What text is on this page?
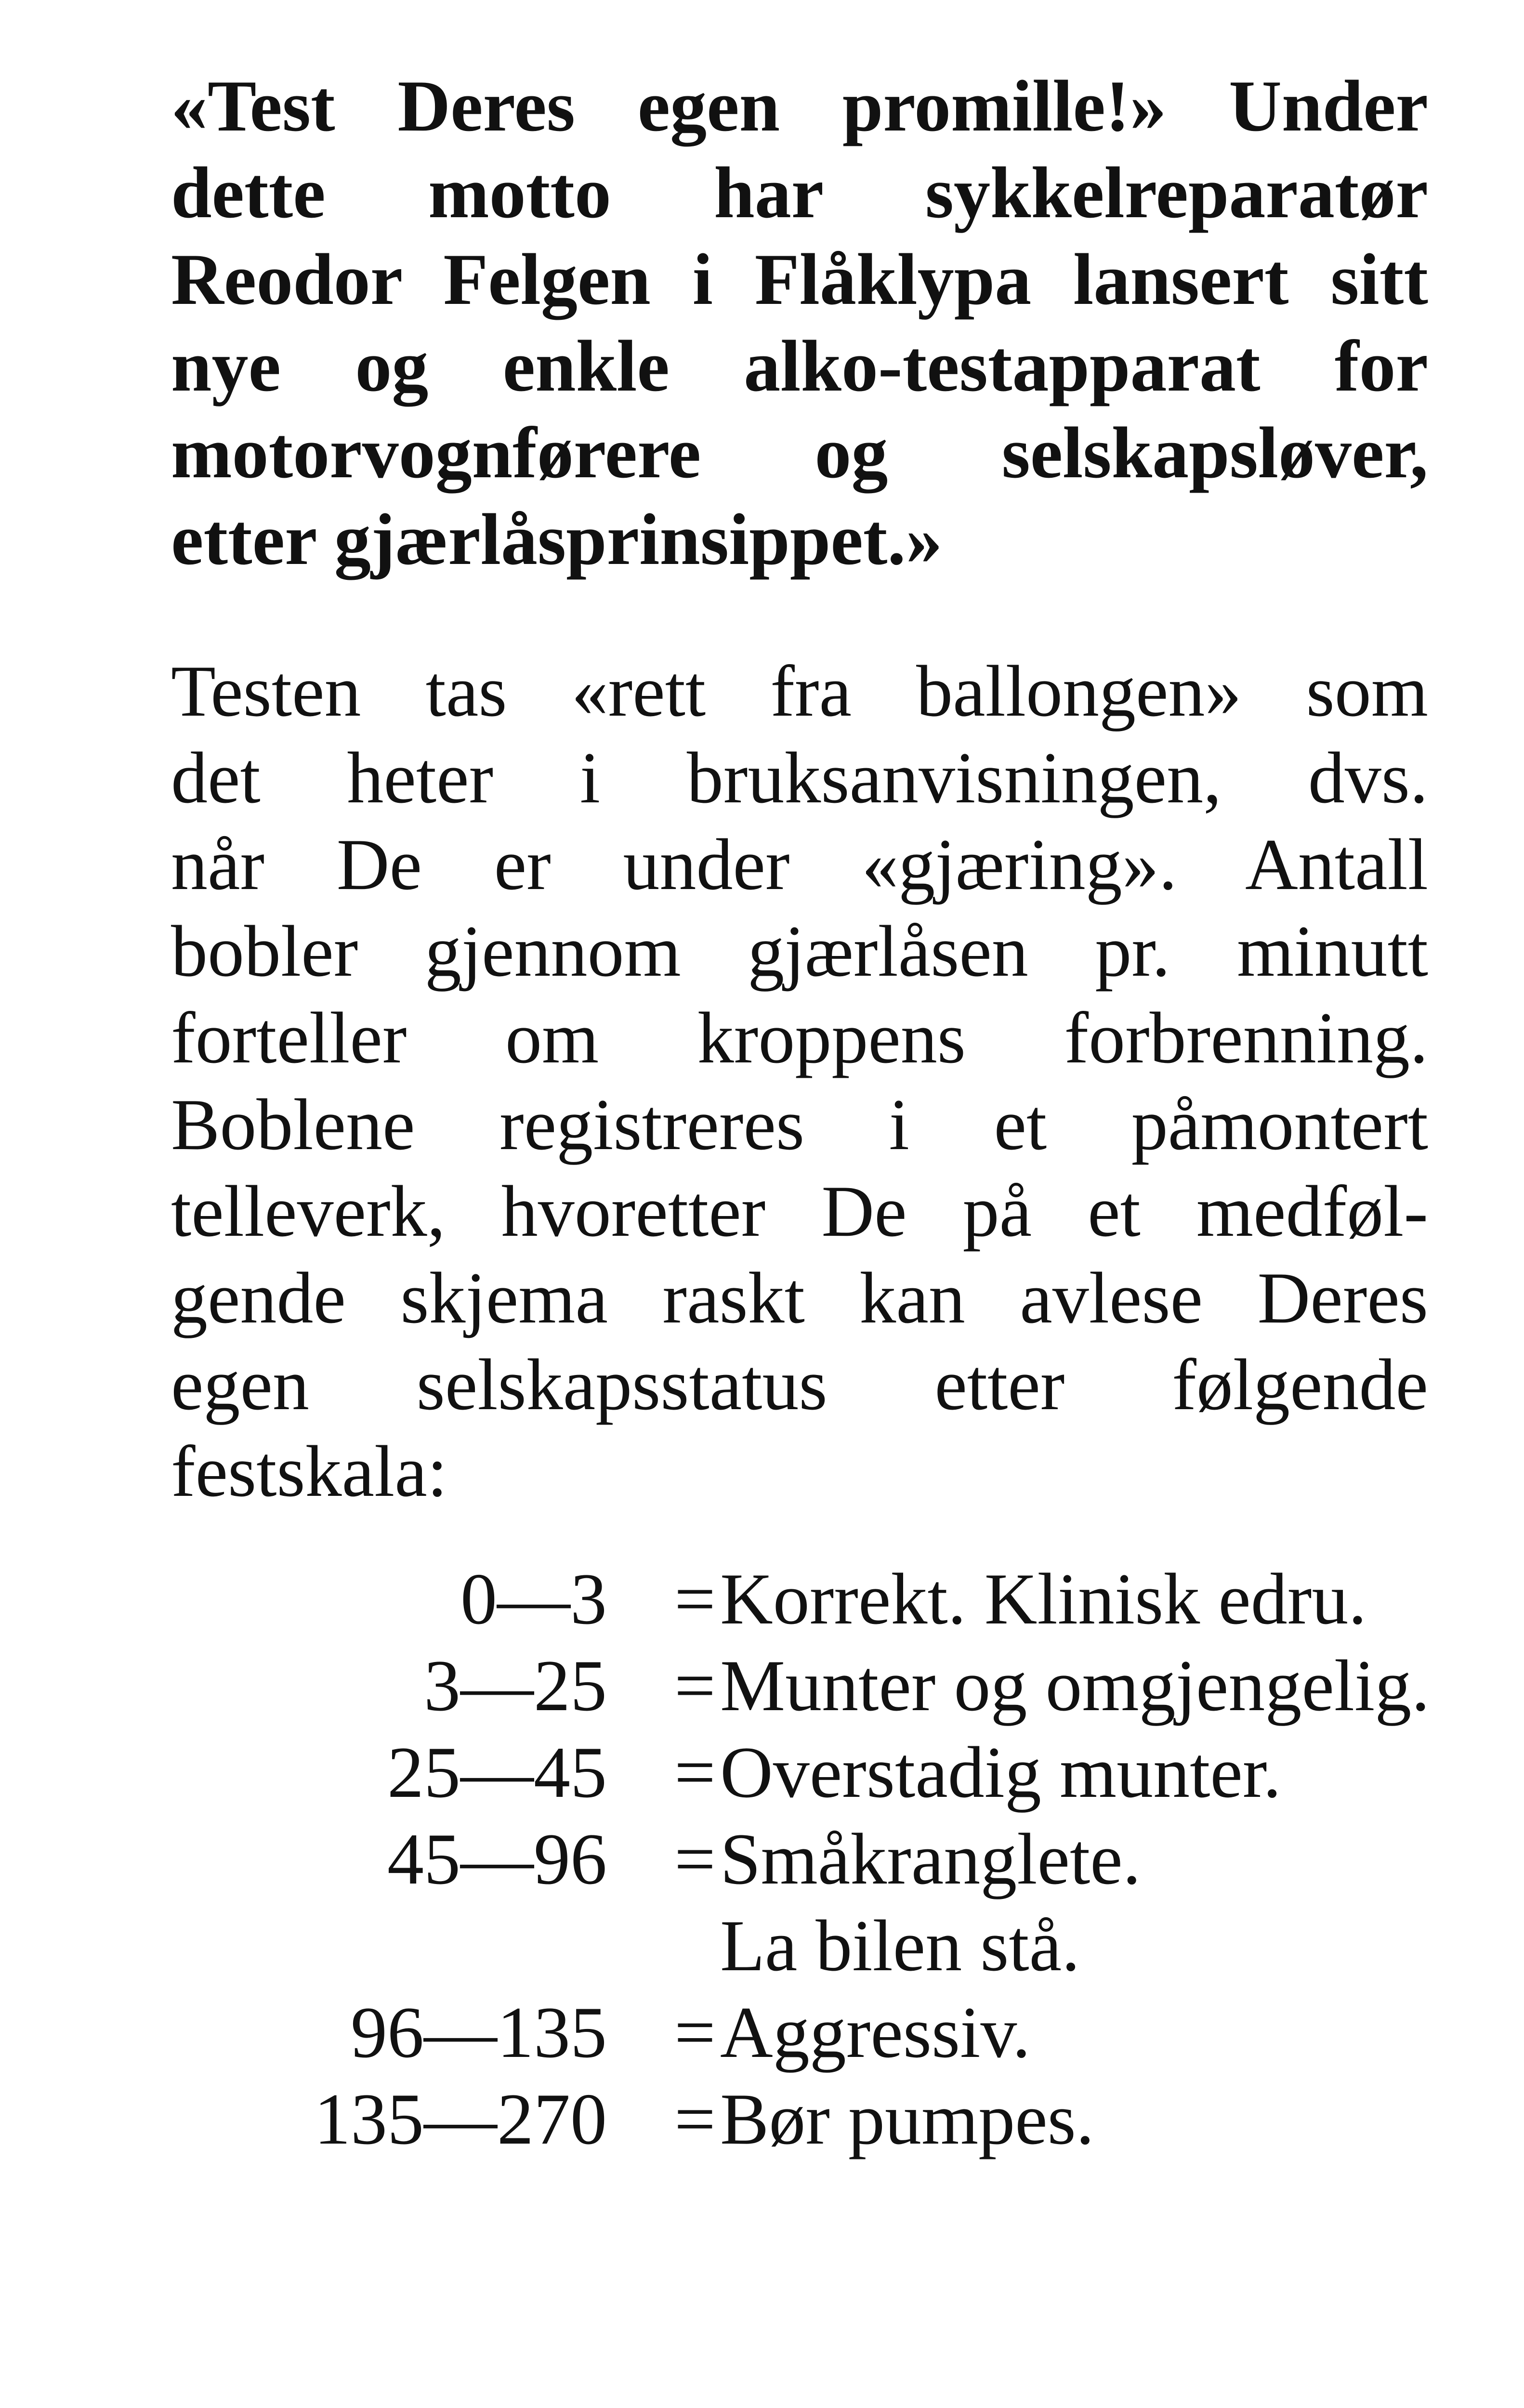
«Test Deres egen promille!» Under
dette motto har sykkelreparatør
Reodor Felgen i Flåklypa lansert sitt
nye og enkle alko-testapparat for
motorvognførere og selskapsløver,
etter gjærlåsprinsippet.»
Testen tas «rett fra ballongen» som
det heter i bruksanvisningen, dvs.
når De er under «gjæring». Antall
bobler gjennom gjærlåsen pr. minutt
forteller om kroppens forbrenning.
Boblene registreres i et påmontert
telleverk, hvoretter De på et medføl-
gende skjema raskt kan avlese Deres
egen selskapsstatus etter følgende
festskala:
0—3 = Korrekt. Klinisk edru.
3—25 = Munter og omgjengelig.
25—45 = Overstadig munter.
45—96 = Småkranglete.
La bilen stå.
96—135 = Aggressiv.
135—270 = Bør pumpes.
